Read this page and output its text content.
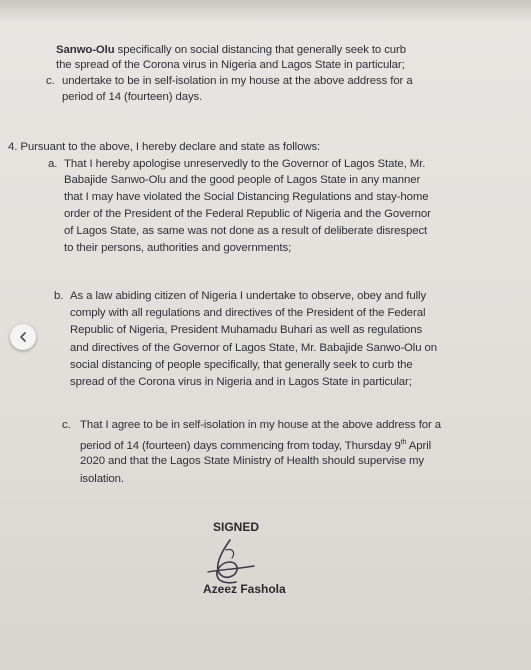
Sanwo-Olu specifically on social distancing that generally seek to curb
the spread of the Corona virus in Nigeria and Lagos State in particular;
c. undertake to be in self-isolation in my house at the above address for a
period of 14 (fourteen) days.
4. Pursuant to the above, I hereby declare and state as follows:
a. That I hereby apologise unreservedly to the Governor of Lagos State, Mr.
Babajide Sanwo-Olu and the good people of Lagos State in any manner
that I may have violated the Social Distancing Regulations and stay-home
order of the President of the Federal Republic of Nigeria and the Governor
of Lagos State, as same was not done as a result of deliberate disrespect
to their persons, authorities and governments;
b. As a law abiding citizen of Nigeria I undertake to observe, obey and fully
comply with all regulations and directives of the President of the Federal
Republic of Nigeria, President Muhamadu Buhari as well as regulations
and directives of the Governor of Lagos State, Mr. Babajide Sanwo-Olu on
social distancing of people specifically, that generally seek to curb the
spread of the Corona virus in Nigeria and in Lagos State in particular;
c. That I agree to be in self-isolation in my house at the above address for a
period of 14 (fourteen) days commencing from today, Thursday 9th April
2020 and that the Lagos State Ministry of Health should supervise my
isolation.
SIGNED
Azeez Fashola
